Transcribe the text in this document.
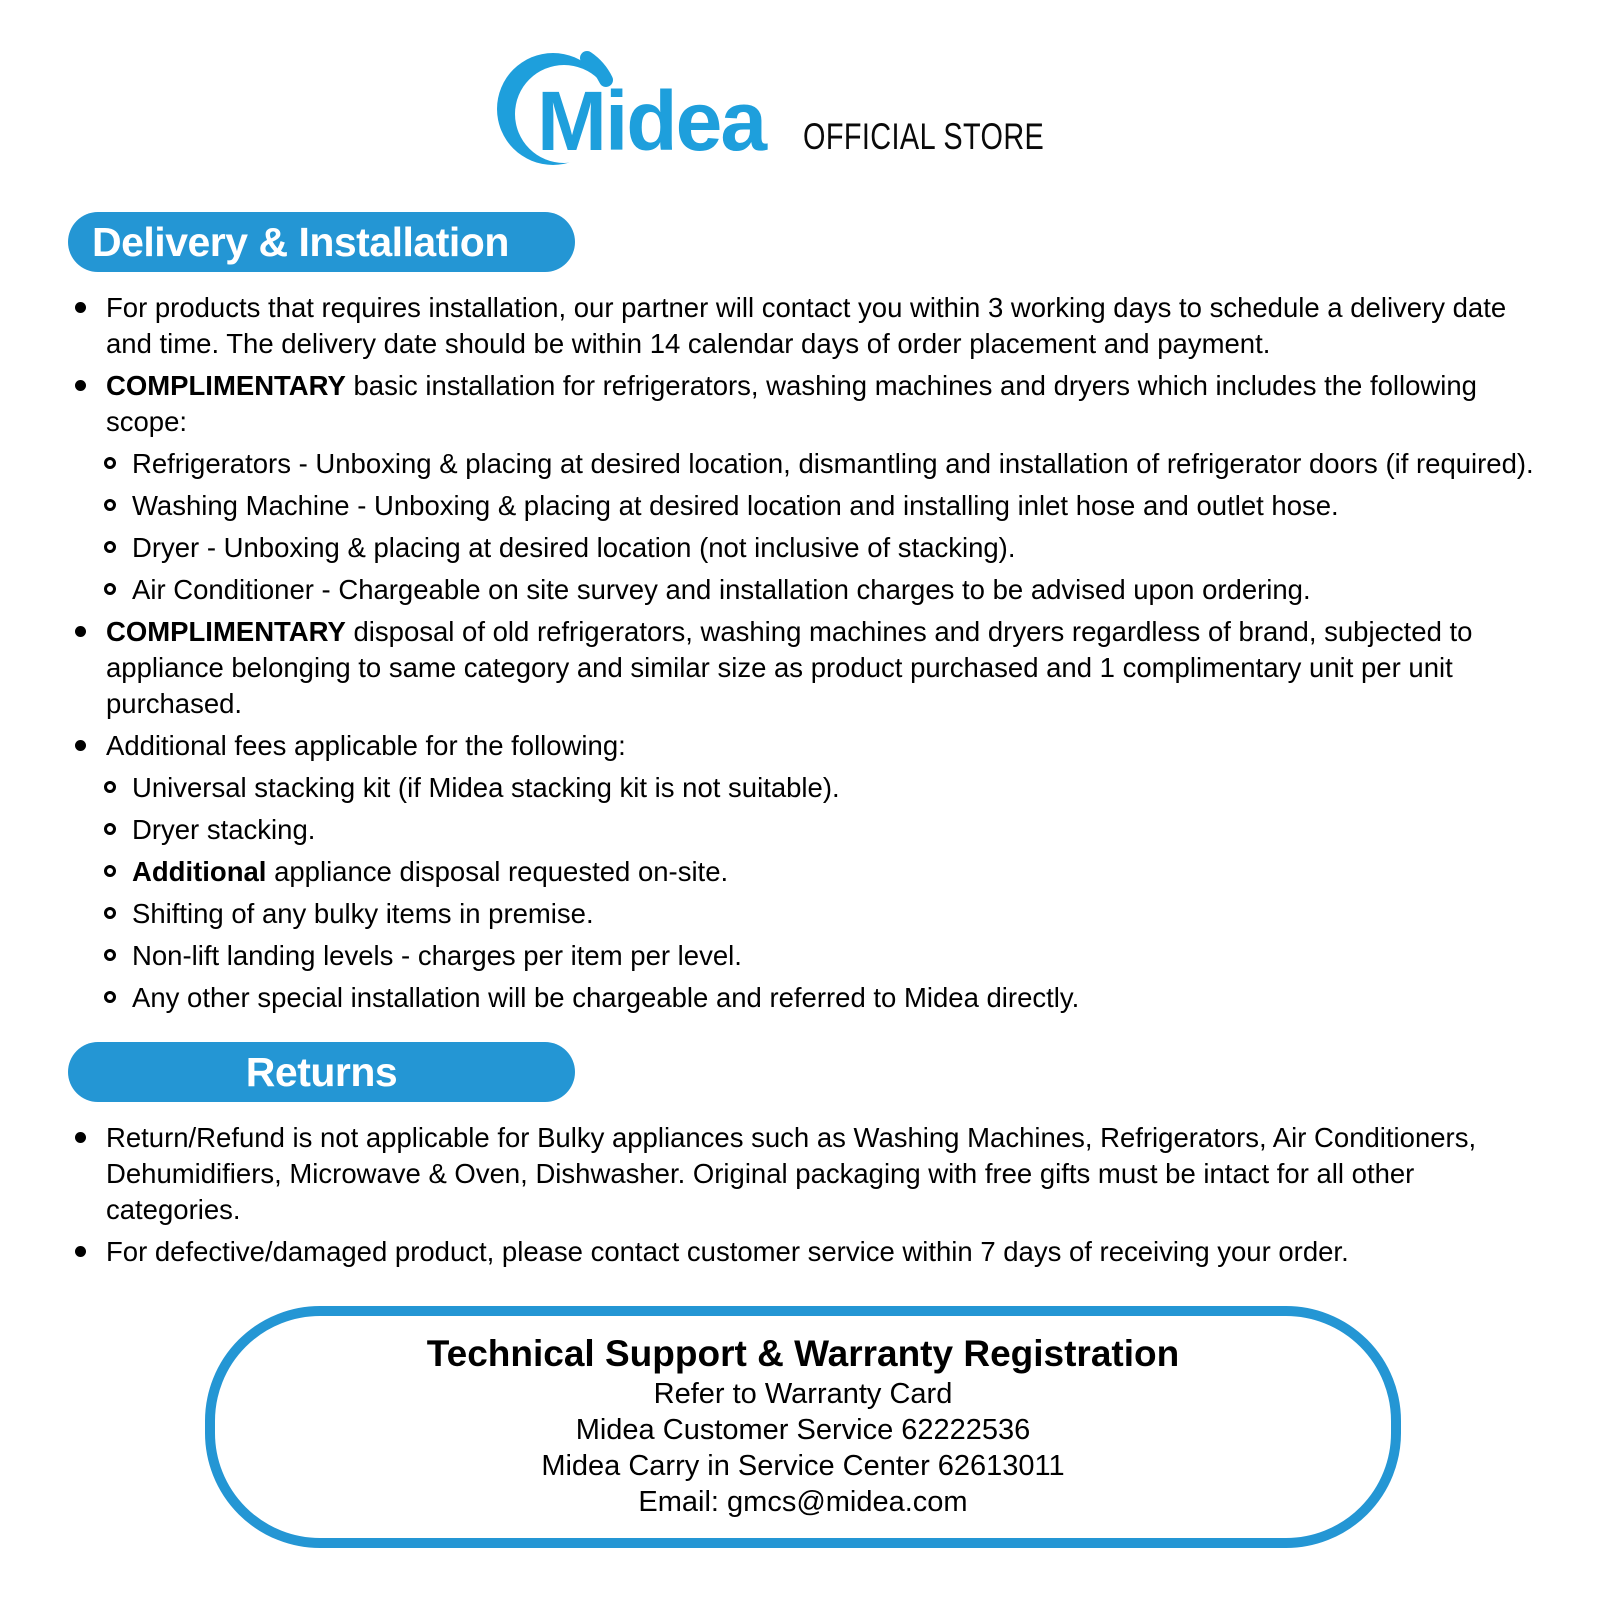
Midea OFFICIAL STORE
Delivery & Installation

For products that requires installation, our partner will contact you within 3 working days to schedule a delivery date and time. The delivery date should be within 14 calendar days of order placement and payment.

COMPLIMENTARY basic installation for refrigerators, washing machines and dryers which includes the following scope:

Refrigerators - Unboxing & placing at desired location, dismantling and installation of refrigerator doors (if required).

Washing Machine - Unboxing & placing at desired location and installing inlet hose and outlet hose.

Dryer - Unboxing & placing at desired location (not inclusive of stacking).

Air Conditioner - Chargeable on site survey and installation charges to be advised upon ordering.

COMPLIMENTARY disposal of old refrigerators, washing machines and dryers regardless of brand, subjected to appliance belonging to same category and similar size as product purchased and 1 complimentary unit per unit purchased.

Additional fees applicable for the following:

Universal stacking kit (if Midea stacking kit is not suitable).

Dryer stacking.

Additional appliance disposal requested on-site.

Shifting of any bulky items in premise.

Non-lift landing levels - charges per item per level.

Any other special installation will be chargeable and referred to Midea directly.

Returns

Return/Refund is not applicable for Bulky appliances such as Washing Machines, Refrigerators, Air Conditioners, Dehumidifiers, Microwave & Oven, Dishwasher. Original packaging with free gifts must be intact for all other categories.

For defective/damaged product, please contact customer service within 7 days of receiving your order.

Technical Support & Warranty Registration
Refer to Warranty Card
Midea Customer Service 62222536
Midea Carry in Service Center 62613011
Email: gmcs@midea.com
